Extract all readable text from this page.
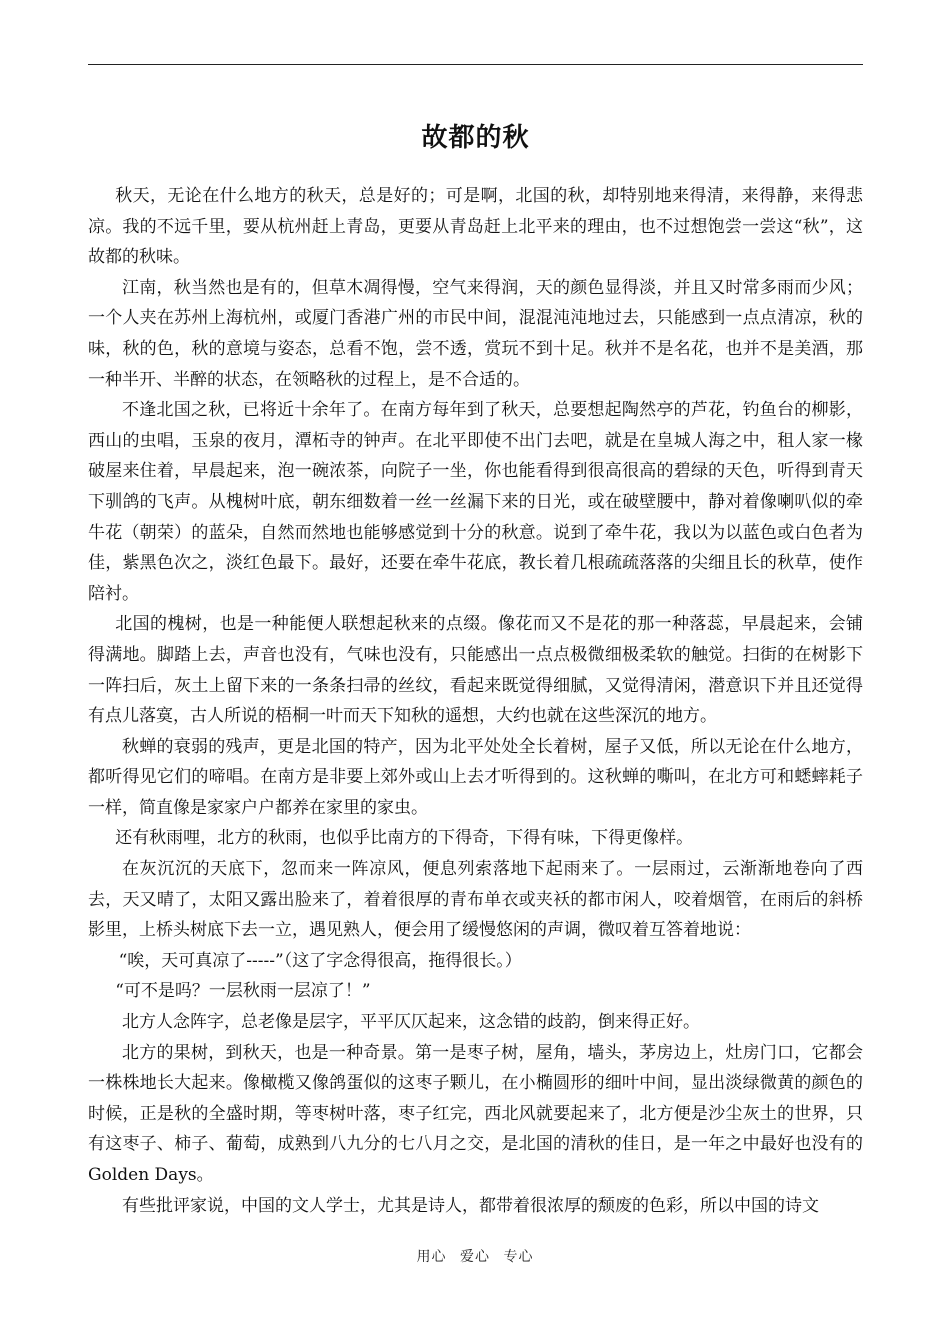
故都的秋

秋天，无论在什么地方的秋天，总是好的；可是啊，北国的秋，却特别地来得清，来得静，来得悲凉。我的不远千里，要从杭州赶上青岛，更要从青岛赶上北平来的理由，也不过想饱尝一尝这“秋”，这故都的秋味。

江南，秋当然也是有的，但草木凋得慢，空气来得润，天的颜色显得淡，并且又时常多雨而少风；一个人夹在苏州上海杭州，或厦门香港广州的市民中间，混混沌沌地过去，只能感到一点点清凉，秋的味，秋的色，秋的意境与姿态，总看不饱，尝不透，赏玩不到十足。秋并不是名花，也并不是美酒，那一种半开、半醉的状态，在领略秋的过程上，是不合适的。

不逢北国之秋，已将近十余年了。在南方每年到了秋天，总要想起陶然亭的芦花，钓鱼台的柳影，西山的虫唱，玉泉的夜月，潭柘寺的钟声。在北平即使不出门去吧，就是在皇城人海之中，租人家一椽破屋来住着，早晨起来，泡一碗浓茶，向院子一坐，你也能看得到很高很高的碧绿的天色，听得到青天下驯鸽的飞声。从槐树叶底，朝东细数着一丝一丝漏下来的日光，或在破壁腰中，静对着像喇叭似的牵牛花（朝荣）的蓝朵，自然而然地也能够感觉到十分的秋意。说到了牵牛花，我以为以蓝色或白色者为佳，紫黑色次之，淡红色最下。最好，还要在牵牛花底，教长着几根疏疏落落的尖细且长的秋草，使作陪衬。

北国的槐树，也是一种能便人联想起秋来的点缀。像花而又不是花的那一种落蕊，早晨起来，会铺得满地。脚踏上去，声音也没有，气味也没有，只能感出一点点极微细极柔软的触觉。扫街的在树影下一阵扫后，灰土上留下来的一条条扫帚的丝纹，看起来既觉得细腻，又觉得清闲，潜意识下并且还觉得有点儿落寞，古人所说的梧桐一叶而天下知秋的遥想，大约也就在这些深沉的地方。

秋蝉的衰弱的残声，更是北国的特产，因为北平处处全长着树，屋子又低，所以无论在什么地方，都听得见它们的啼唱。在南方是非要上郊外或山上去才听得到的。这秋蝉的嘶叫，在北方可和蟋蟀耗子一样，简直像是家家户户都养在家里的家虫。

还有秋雨哩，北方的秋雨，也似乎比南方的下得奇，下得有味，下得更像样。

在灰沉沉的天底下，忽而来一阵凉风，便息列索落地下起雨来了。一层雨过，云渐渐地卷向了西去，天又晴了，太阳又露出脸来了，着着很厚的青布单衣或夹袄的都市闲人，咬着烟管，在雨后的斜桥影里，上桥头树底下去一立，遇见熟人，便会用了缓慢悠闲的声调，微叹着互答着地说：

“唉，天可真凉了-----”（这了字念得很高，拖得很长。）

“可不是吗？一层秋雨一层凉了！”

北方人念阵字，总老像是层字，平平仄仄起来，这念错的歧韵，倒来得正好。

北方的果树，到秋天，也是一种奇景。第一是枣子树，屋角，墙头，茅房边上，灶房门口，它都会一株株地长大起来。像橄榄又像鸽蛋似的这枣子颗儿，在小椭圆形的细叶中间，显出淡绿微黄的颜色的时候，正是秋的全盛时期，等枣树叶落，枣子红完，西北风就要起来了，北方便是沙尘灰土的世界，只有这枣子、柿子、葡萄，成熟到八九分的七八月之交，是北国的清秋的佳日，是一年之中最好也没有的 Golden Days。

有些批评家说，中国的文人学士，尤其是诗人，都带着很浓厚的颓废的色彩，所以中国的诗文

用心 爱心 专心
